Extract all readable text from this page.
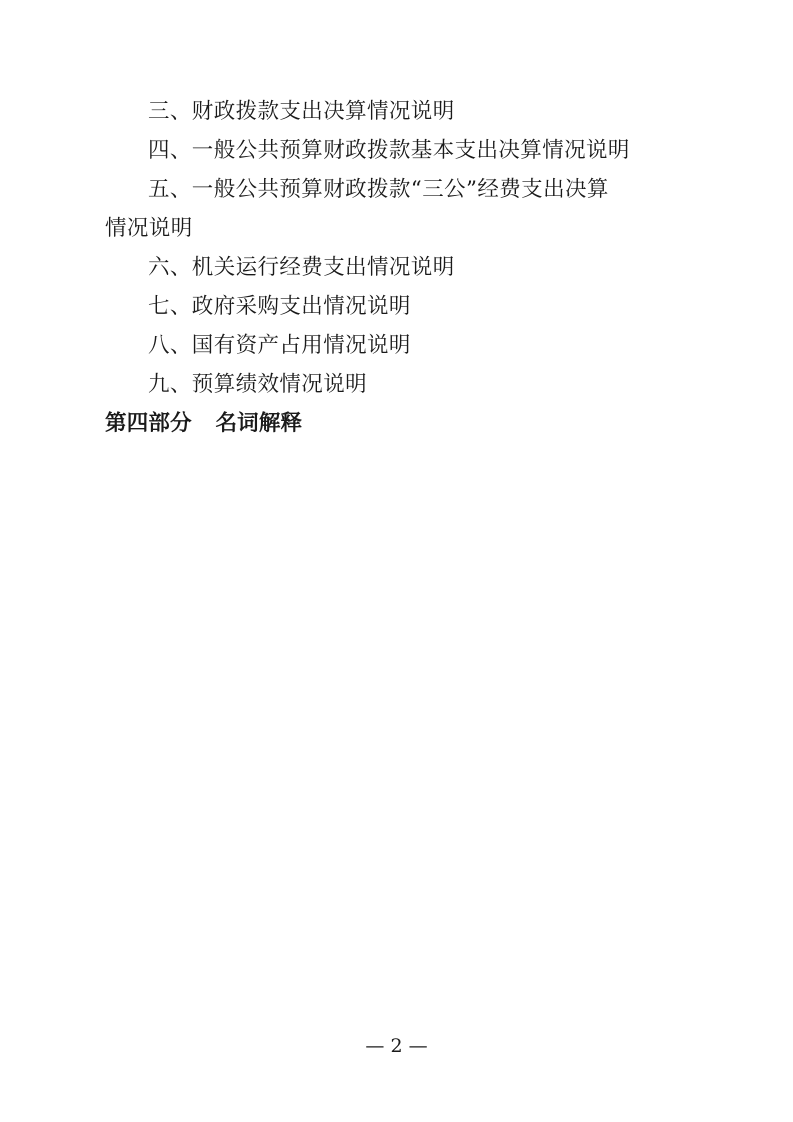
三、财政拨款支出决算情况说明
四、一般公共预算财政拨款基本支出决算情况说明
五、一般公共预算财政拨款“三公”经费支出决算
情况说明
六、机关运行经费支出情况说明
七、政府采购支出情况说明
八、国有资产占用情况说明
九、预算绩效情况说明
第四部分 名词解释
— 2 —
